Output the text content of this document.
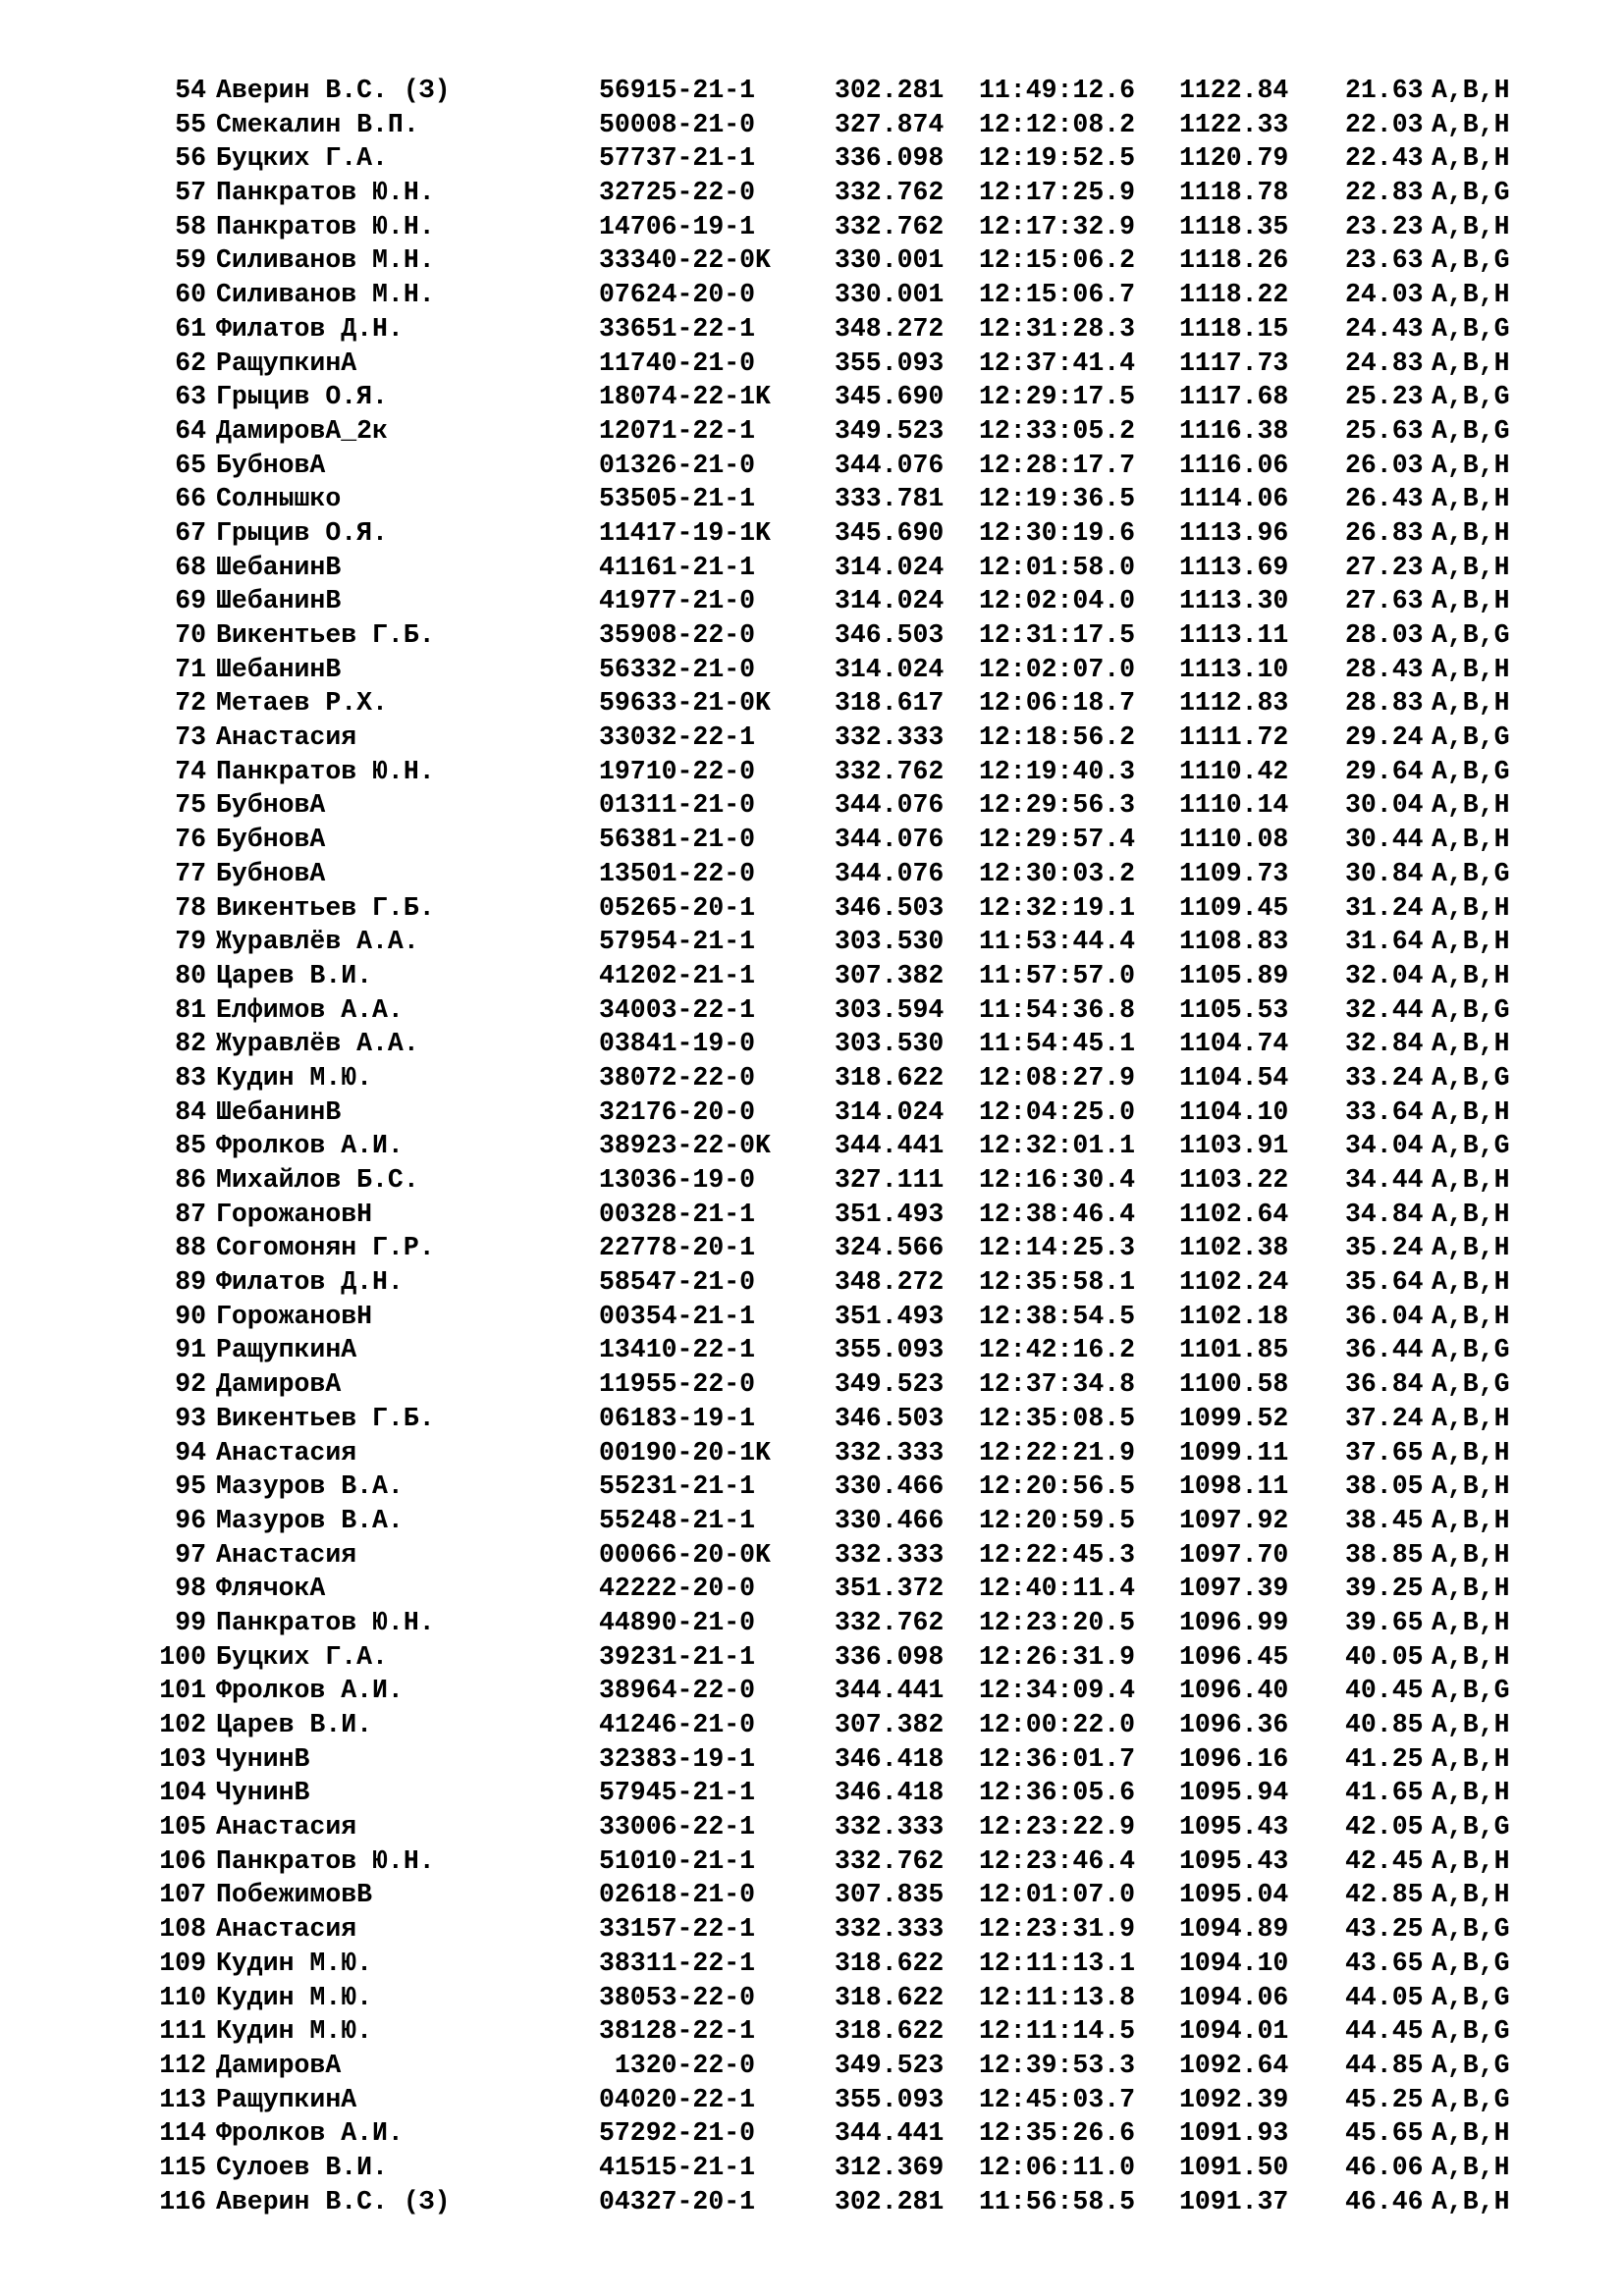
54 Аверин В.С. (З)	56915-21-1	302.281 11:49:12.6 1122.84 21.63 A,B,H
55 Смекалин В.П.	50008-21-0	327.874 12:12:08.2 1122.33 22.03 A,B,H
56 Буцких Г.А.	57737-21-1	336.098 12:19:52.5 1120.79 22.43 A,B,H
57 Панкратов Ю.Н.	32725-22-0	332.762 12:17:25.9 1118.78 22.83 A,B,G
58 Панкратов Ю.Н.	14706-19-1	332.762 12:17:32.9 1118.35 23.23 A,B,H
59 Силиванов М.Н.	33340-22-0K 330.001 12:15:06.2 1118.26 23.63 A,B,G
60 Силиванов М.Н.	07624-20-0	330.001 12:15:06.7 1118.22 24.03 A,B,H
61 Филатов Д.Н.	33651-22-1	348.272 12:31:28.3 1118.15 24.43 A,B,G
62 РащупкинА	11740-21-0	355.093 12:37:41.4 1117.73 24.83 A,B,H
63 Грыцив О.Я.	18074-22-1K 345.690 12:29:17.5 1117.68 25.23 A,B,G
64 ДамировА_2к	12071-22-1	349.523 12:33:05.2 1116.38 25.63 A,B,G
65 БубновА	01326-21-0	344.076 12:28:17.7 1116.06 26.03 A,B,H
66 Солнышко	53505-21-1	333.781 12:19:36.5 1114.06 26.43 A,B,H
67 Грыцив О.Я.	11417-19-1K 345.690 12:30:19.6 1113.96 26.83 A,B,H
68 ШебанинВ	41161-21-1	314.024 12:01:58.0 1113.69 27.23 A,B,H
69 ШебанинВ	41977-21-0	314.024 12:02:04.0 1113.30 27.63 A,B,H
70 Викентьев Г.Б.	35908-22-0	346.503 12:31:17.5 1113.11 28.03 A,B,G
71 ШебанинВ	56332-21-0	314.024 12:02:07.0 1113.10 28.43 A,B,H
72 Метаев Р.Х.	59633-21-0K 318.617 12:06:18.7 1112.83 28.83 A,B,H
73 Анастасия	33032-22-1	332.333 12:18:56.2 1111.72 29.24 A,B,G
74 Панкратов Ю.Н.	19710-22-0	332.762 12:19:40.3 1110.42 29.64 A,B,G
75 БубновА	01311-21-0	344.076 12:29:56.3 1110.14 30.04 A,B,H
76 БубновА	56381-21-0	344.076 12:29:57.4 1110.08 30.44 A,B,H
77 БубновА	13501-22-0	344.076 12:30:03.2 1109.73 30.84 A,B,G
78 Викентьев Г.Б.	05265-20-1	346.503 12:32:19.1 1109.45 31.24 A,B,H
79 Журавлёв А.А.	57954-21-1	303.530 11:53:44.4 1108.83 31.64 A,B,H
80 Царев В.И.	41202-21-1	307.382 11:57:57.0 1105.89 32.04 A,B,H
81 Елфимов А.А.	34003-22-1	303.594 11:54:36.8 1105.53 32.44 A,B,G
82 Журавлёв А.А.	03841-19-0	303.530 11:54:45.1 1104.74 32.84 A,B,H
83 Кудин М.Ю.	38072-22-0	318.622 12:08:27.9 1104.54 33.24 A,B,G
84 ШебанинВ	32176-20-0	314.024 12:04:25.0 1104.10 33.64 A,B,H
85 Фролков А.И.	38923-22-0K 344.441 12:32:01.1 1103.91 34.04 A,B,G
86 Михайлов Б.С.	13036-19-0	327.111 12:16:30.4 1103.22 34.44 A,B,H
87 ГорожановН	00328-21-1	351.493 12:38:46.4 1102.64 34.84 A,B,H
88 Согомонян Г.Р.	22778-20-1	324.566 12:14:25.3 1102.38 35.24 A,B,H
89 Филатов Д.Н.	58547-21-0	348.272 12:35:58.1 1102.24 35.64 A,B,H
90 ГорожановН	00354-21-1	351.493 12:38:54.5 1102.18 36.04 A,B,H
91 РащупкинА	13410-22-1	355.093 12:42:16.2 1101.85 36.44 A,B,G
92 ДамировА	11955-22-0	349.523 12:37:34.8 1100.58 36.84 A,B,G
93 Викентьев Г.Б.	06183-19-1	346.503 12:35:08.5 1099.52 37.24 A,B,H
94 Анастасия	00190-20-1K 332.333 12:22:21.9 1099.11 37.65 A,B,H
95 Мазуров В.А.	55231-21-1	330.466 12:20:56.5 1098.11 38.05 A,B,H
96 Мазуров В.А.	55248-21-1	330.466 12:20:59.5 1097.92 38.45 A,B,H
97 Анастасия	00066-20-0K 332.333 12:22:45.3 1097.70 38.85 A,B,H
98 ФлячокА	42222-20-0	351.372 12:40:11.4 1097.39 39.25 A,B,H
99 Панкратов Ю.Н.	44890-21-0	332.762 12:23:20.5 1096.99 39.65 A,B,H
100 Буцких Г.А.	39231-21-1	336.098 12:26:31.9 1096.45 40.05 A,B,H
101 Фролков А.И.	38964-22-0	344.441 12:34:09.4 1096.40 40.45 A,B,G
102 Царев В.И.	41246-21-0	307.382 12:00:22.0 1096.36 40.85 A,B,H
103 ЧунинВ	32383-19-1	346.418 12:36:01.7 1096.16 41.25 A,B,H
104 ЧунинВ	57945-21-1	346.418 12:36:05.6 1095.94 41.65 A,B,H
105 Анастасия	33006-22-1	332.333 12:23:22.9 1095.43 42.05 A,B,G
106 Панкратов Ю.Н.	51010-21-1	332.762 12:23:46.4 1095.43 42.45 A,B,H
107 ПобежимовВ	02618-21-0	307.835 12:01:07.0 1095.04 42.85 A,B,H
108 Анастасия	33157-22-1	332.333 12:23:31.9 1094.89 43.25 A,B,G
109 Кудин М.Ю.	38311-22-1	318.622 12:11:13.1 1094.10 43.65 A,B,G
110 Кудин М.Ю.	38053-22-0	318.622 12:11:13.8 1094.06 44.05 A,B,G
111 Кудин М.Ю.	38128-22-1	318.622 12:11:14.5 1094.01 44.45 A,B,G
112 ДамировА	1320-22-0	349.523 12:39:53.3 1092.64 44.85 A,B,G
113 РащупкинА	04020-22-1	355.093 12:45:03.7 1092.39 45.25 A,B,G
114 Фролков А.И.	57292-21-0	344.441 12:35:26.6 1091.93 45.65 A,B,H
115 Сулоев В.И.	41515-21-1	312.369 12:06:11.0 1091.50 46.06 A,B,H
116 Аверин В.С. (З)	04327-20-1	302.281 11:56:58.5 1091.37 46.46 A,B,H
